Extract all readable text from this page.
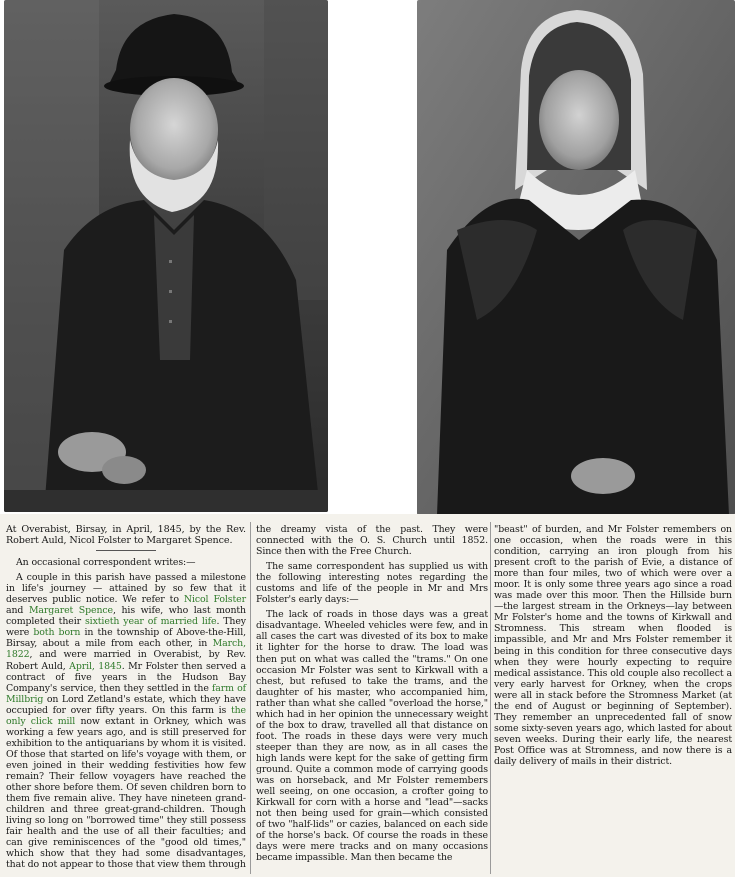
At Overabist, Birsay, in April, 1845, by the Rev. Robert Auld, Nicol Folster to Margaret Spence.

An occasional correspondent writes:—

A couple in this parish have passed a milestone in life's journey — attained by so few that it deserves public notice. We refer to Nicol Folster and Margaret Spence, his wife, who last month completed their sixtieth year of married life. They were both born in the township of Above-the-Hill, Birsay, about a mile from each other, in March, 1822, and were married in Overabist, by Rev. Robert Auld, April, 1845. Mr Folster then served a contract of five years in the Hudson Bay Company's service, then they settled in the farm of Millbrig on Lord Zetland's estate, which they have occupied for over fifty years. On this farm is the only click mill now extant in Orkney, which was working a few years ago, and is still preserved for exhibition to the antiquarians by whom it is visited. Of those that started on life's voyage with them, or even joined in their wedding festivities how few remain? Their fellow voyagers have reached the other shore before them. Of seven children born to them five remain alive. They have nineteen grand-children and three great-grand-children. Though living so long on "borrowed time" they still possess fair health and the use of all their faculties; and can give reminiscences of the "good old times," which show that they had some disadvantages, that do not appear to those that view them through

the dreamy vista of the past. They were connected with the O. S. Church until 1852. Since then with the Free Church.

The same correspondent has supplied us with the following interesting notes regarding the customs and life of the people in Mr and Mrs Folster's early days:—

The lack of roads in those days was a great disadvantage. Wheeled vehicles were few, and in all cases the cart was divested of its box to make it lighter for the horse to draw. The load was then put on what was called the "trams." On one occasion Mr Folster was sent to Kirkwall with a chest, but refused to take the trams, and the daughter of his master, who accompanied him, rather than what she called "overload the horse," which had in her opinion the unnecessary weight of the box to draw, travelled all that distance on foot. The roads in these days were very much steeper than they are now, as in all cases the high lands were kept for the sake of getting firm ground. Quite a common mode of carrying goods was on horseback, and Mr Folster remembers well seeing, on one occasion, a crofter going to Kirkwall for corn with a horse and "lead"—sacks not then being used for grain—which consisted of two "half-lids" or cazies, balanced on each side of the horse's back. Of course the roads in these days were mere tracks and on many occasions became impassible. Man then became the

"beast" of burden, and Mr Folster remembers on one occasion, when the roads were in this condition, carrying an iron plough from his present croft to the parish of Evie, a distance of more than four miles, two of which were over a moor. It is only some three years ago since a road was made over this moor. Then the Hillside burn —the largest stream in the Orkneys—lay between Mr Folster's home and the towns of Kirkwall and Stromness. This stream when flooded is impassible, and Mr and Mrs Folster remember it being in this condition for three consecutive days when they were hourly expecting to require medical assistance. This old couple also recollect a very early harvest for Orkney, when the crops were all in stack before the Stromness Market (at the end of August or beginning of September). They remember an unprecedented fall of snow some sixty-seven years ago, which lasted for about seven weeks. During their early life, the nearest Post Office was at Stromness, and now there is a daily delivery of mails in their district.
